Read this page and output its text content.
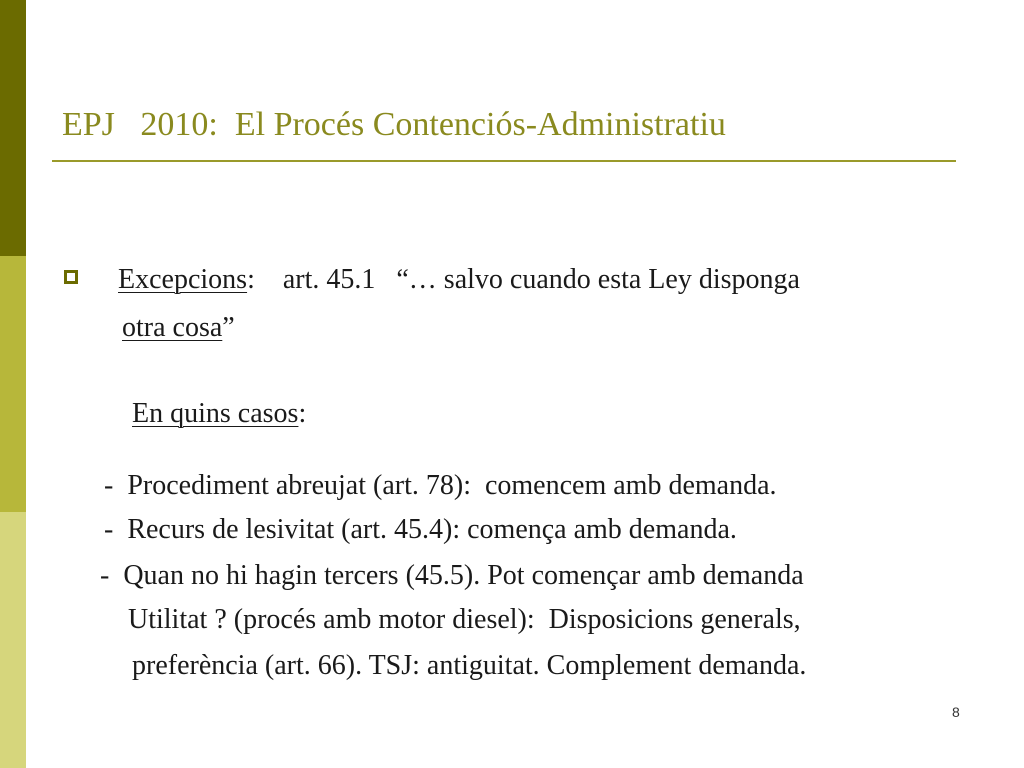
EPJ   2010:  El Procés Contenciós-Administratiu
Excepcions:    art. 45.1   “… salvo cuando esta Ley disponga
otra cosa”
En quins casos:
-  Procediment abreujat (art. 78):  comencem amb demanda.
-  Recurs de lesivitat (art. 45.4): comença amb demanda.
-  Quan no hi hagin tercers (45.5). Pot començar amb demanda
Utilitat ? (procés amb motor diesel):  Disposicions generals,
preferència (art. 66). TSJ: antiguitat. Complement demanda.
8
